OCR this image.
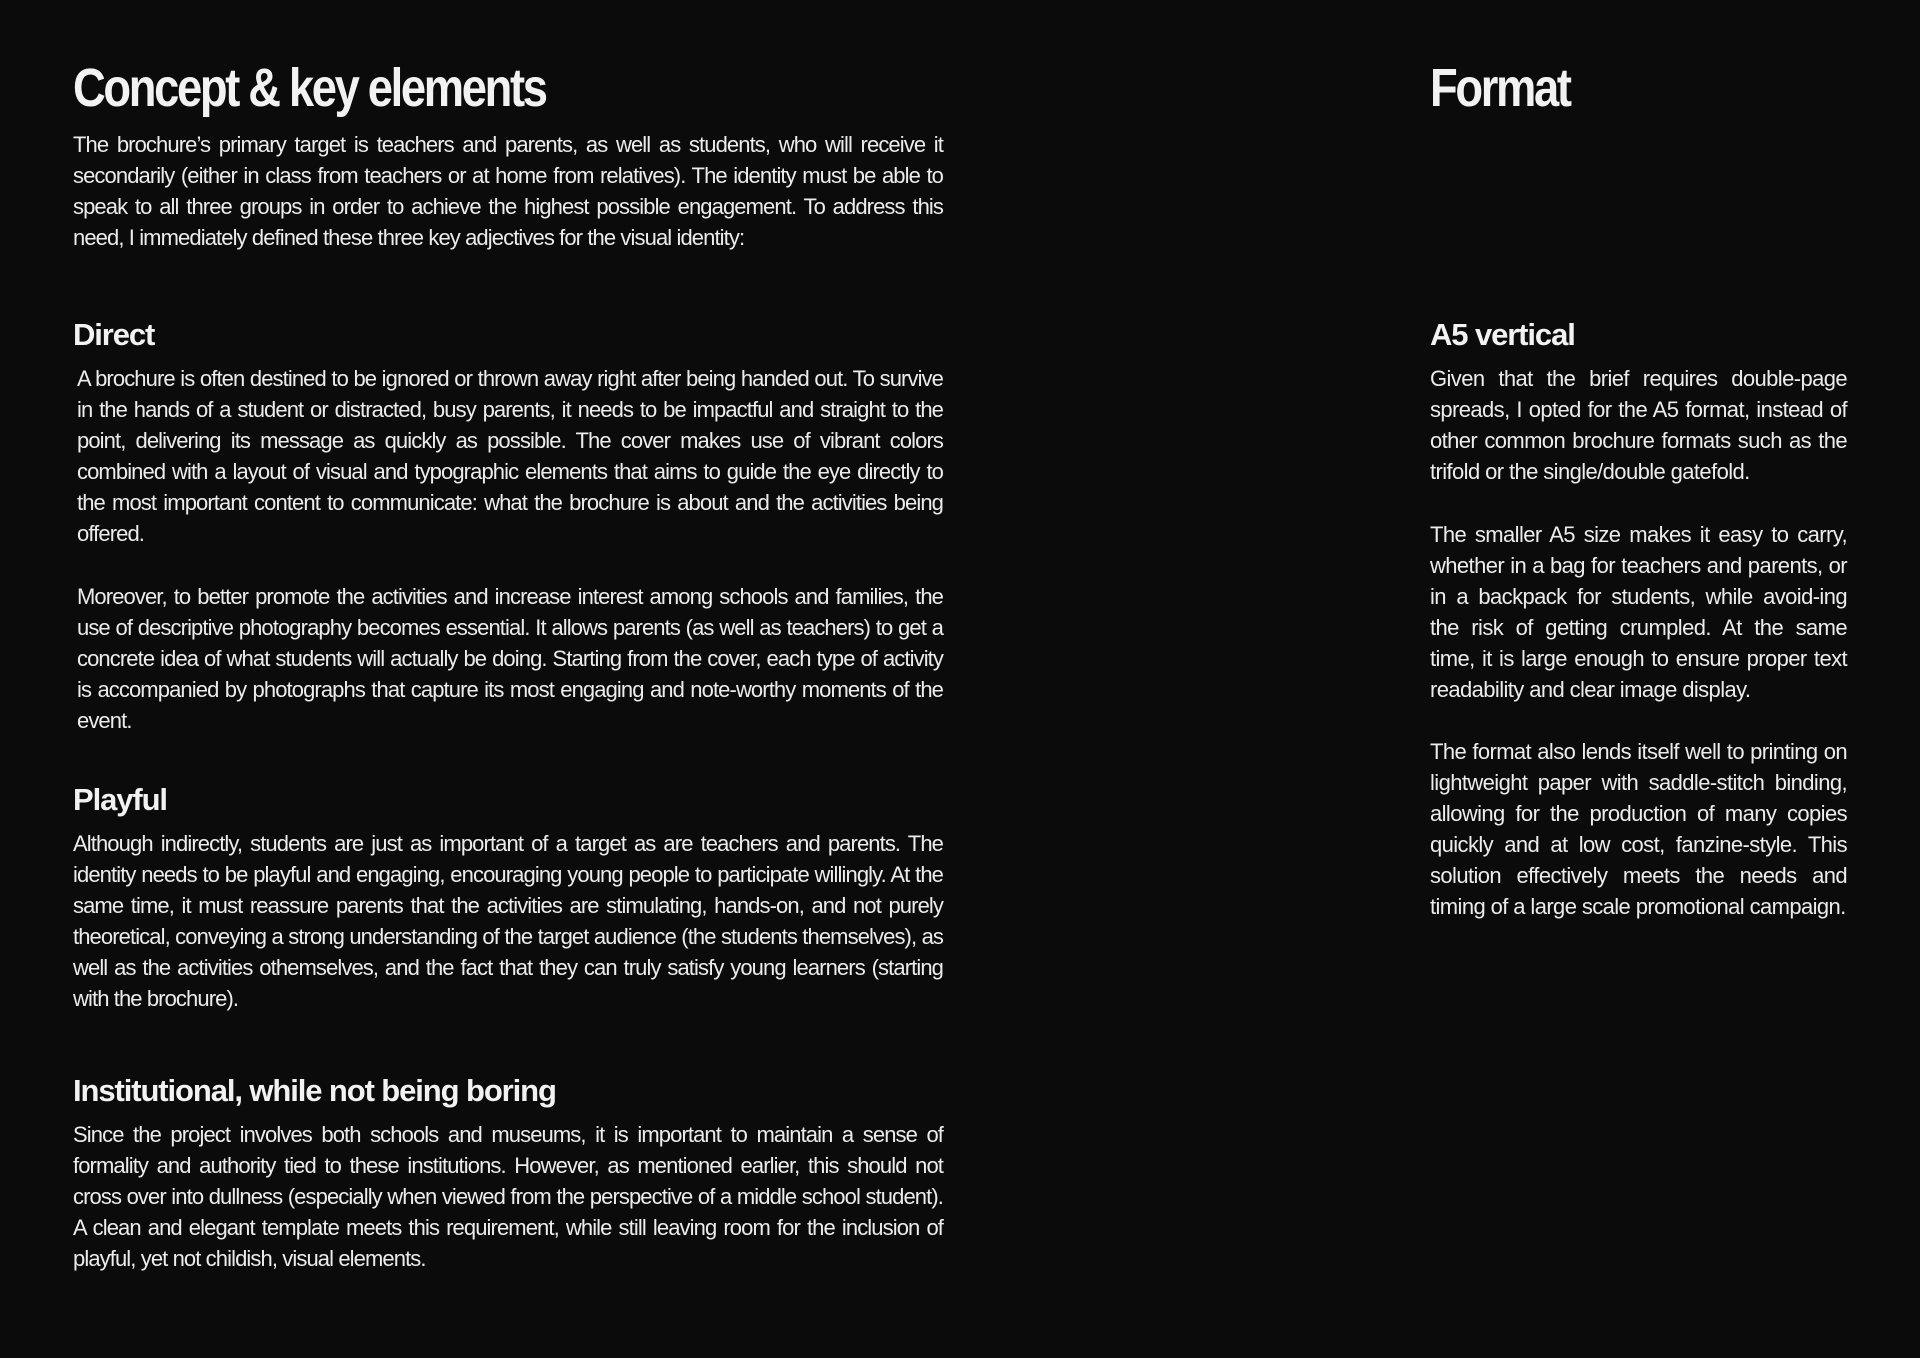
Concept & key elements

The brochure’s primary target is teachers and parents, as well as students, who will receive it secondarily (either in class from teachers or at home from relatives). The identity must be able to speak to all three groups in order to achieve the highest possible engagement. To address this need, I immediately defined these three key adjectives for the visual identity:

Direct

A brochure is often destined to be ignored or thrown away right after being handed out. To survive in the hands of a student or distracted, busy parents, it needs to be impactful and straight to the point, delivering its message as quickly as possible. The cover makes use of vibrant colors combined with a layout of visual and typographic elements that aims to guide the eye directly to the most important content to communicate: what the brochure is about and the activities being offered.

Moreover, to better promote the activities and increase interest among schools and families, the use of descriptive photography becomes essential. It allows parents (as well as teachers) to get a concrete idea of what students will actually be doing. Starting from the cover, each type of activity is accompanied by photographs that capture its most engaging and note-worthy moments of the event.

Playful

Although indirectly, students are just as important of a target as are teachers and parents. The identity needs to be playful and engaging, encouraging young people to participate willingly. At the same time, it must reassure parents that the activities are stimulating, hands-on, and not purely theoretical, conveying a strong understanding of the target audience (the students themselves), as well as the activities othemselves, and the fact that they can truly satisfy young learners (starting with the brochure).

Institutional, while not being boring

Since the project involves both schools and museums, it is important to maintain a sense of formality and authority tied to these institutions. However, as mentioned earlier, this should not cross over into dullness (especially when viewed from the perspective of a middle school student). A clean and elegant template meets this requirement, while still leaving room for the inclusion of playful, yet not childish, visual elements.

Format
A5 vertical

Given that the brief requires double-page spreads, I opted for the A5 format, instead of other common brochure formats such as the trifold or the single/double gatefold.

The smaller A5 size makes it easy to carry, whether in a bag for teachers and parents, or in a backpack for students, while avoid-ing the risk of getting crumpled. At the same time, it is large enough to ensure proper text readability and clear image display.

The format also lends itself well to printing on lightweight paper with saddle-stitch binding, allowing for the production of many copies quickly and at low cost, fanzine-style. This solution effectively meets the needs and timing of a large scale promotional campaign.
